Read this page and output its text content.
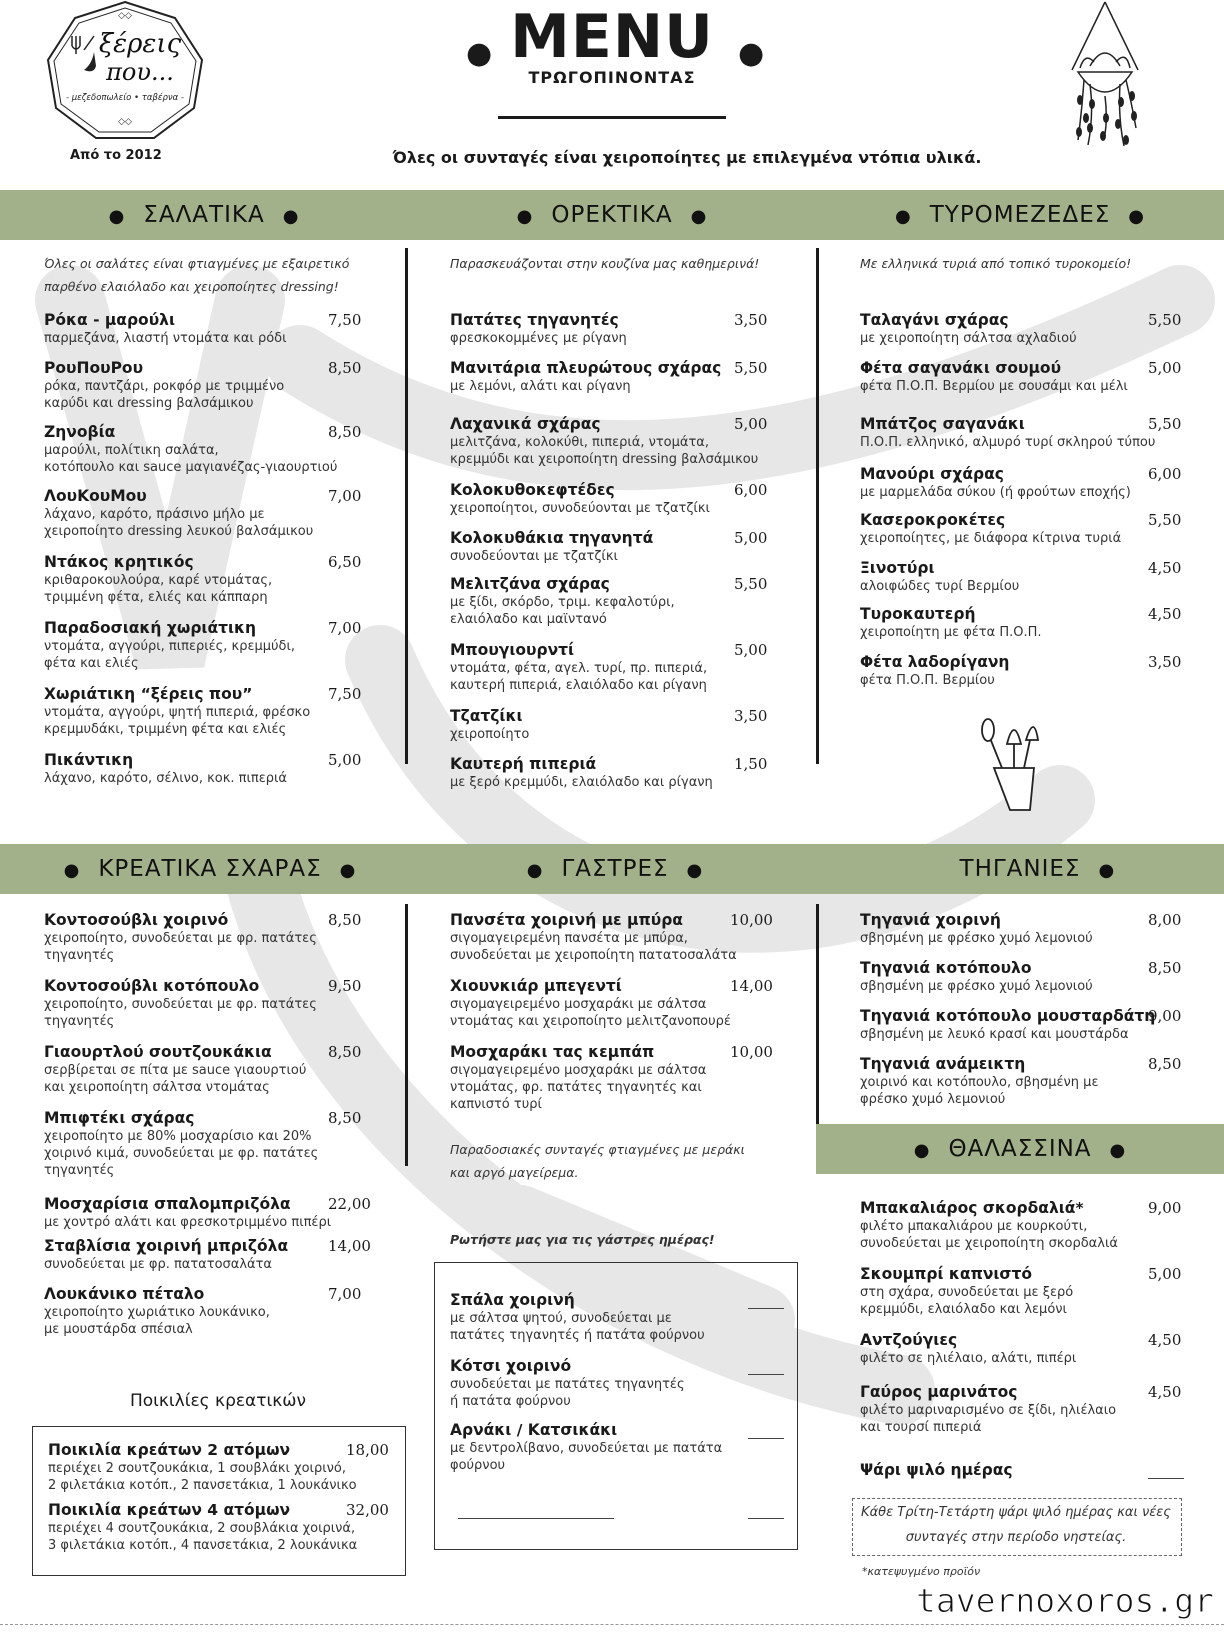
◇◇
ξέρεις
που...
- μεζεδοπωλείο • ταβέρνα -
◇◇
Από το 2012
● MENU ●
ΤΡΩΓΟΠΙΝΟΝΤΑΣ
Όλες οι συνταγές είναι χειροποίητες με επιλεγμένα ντόπια υλικά.
● ΣΑΛΑΤΙΚΑ ●	● ΟΡΕΚΤΙΚΑ ●	● ΤΥΡΟΜΕΖΕΔΕΣ ●
Όλες οι σαλάτες είναι φτιαγμένες με εξαιρετικό
παρθένο ελαιόλαδο και χειροποίητες dressing!
Παρασκευάζονται στην κουζίνα μας καθημερινά!	Με ελληνικά τυριά από τοπικό τυροκομείο!
Ρόκα - μαρούλι
παρμεζάνα, λιαστή ντομάτα και ρόδι
7,50
ΡουΠουΡου
ρόκα, παντζάρι, ροκφόρ με τριμμένο
καρύδι και dressing βαλσάμικου
8,50
Ζηνοβία
μαρούλι, πολίτικη σαλάτα,
κοτόπουλο και sauce μαγιανέζας-γιαουρτιού
8,50
ΛουΚουΜου
λάχανο, καρότο, πράσινο μήλο με
χειροποίητο dressing λευκού βαλσάμικου
7,00
Ντάκος κρητικός
κριθαροκουλούρα, καρέ ντομάτας,
τριμμένη φέτα, ελιές και κάππαρη
6,50
Παραδοσιακή χωριάτικη
ντομάτα, αγγούρι, πιπεριές, κρεμμύδι,
φέτα και ελιές
7,00
Χωριάτικη “ξέρεις που”
ντομάτα, αγγούρι, ψητή πιπεριά, φρέσκο
κρεμμυδάκι, τριμμένη φέτα και ελιές
7,50
Πικάντικη
λάχανο, καρότο, σέλινο, κοκ. πιπεριά
5,00
Πατάτες τηγανητές
φρεσκοκομμένες με ρίγανη
3,50
Μανιτάρια πλευρώτους σχάρας
με λεμόνι, αλάτι και ρίγανη
5,50
Λαχανικά σχάρας
μελιτζάνα, κολοκύθι, πιπεριά, ντομάτα,
κρεμμύδι και χειροποίητη dressing βαλσάμικου
5,00
Κολοκυθοκεφτέδες
χειροποίητοι, συνοδεύονται με τζατζίκι
6,00
Κολοκυθάκια τηγανητά
συνοδεύονται με τζατζίκι
5,00
Μελιτζάνα σχάρας
με ξίδι, σκόρδο, τριμ. κεφαλοτύρι,
ελαιόλαδο και μαϊντανό
5,50
Μπουγιουρντί
ντομάτα, φέτα, αγελ. τυρί, πρ. πιπεριά,
καυτερή πιπεριά, ελαιόλαδο και ρίγανη
5,00
Τζατζίκι
χειροποίητο
3,50
Καυτερή πιπεριά
με ξερό κρεμμύδι, ελαιόλαδο και ρίγανη
1,50
Ταλαγάνι σχάρας
με χειροποίητη σάλτσα αχλαδιού
5,50
Φέτα σαγανάκι σουμού
φέτα Π.Ο.Π. Βερμίου με σουσάμι και μέλι
5,00
Μπάτζος σαγανάκι
Π.Ο.Π. ελληνικό, αλμυρό τυρί σκληρού τύπου
5,50
Μανούρι σχάρας
με μαρμελάδα σύκου (ή φρούτων εποχής)
6,00
Κασεροκροκέτες
χειροποίητες, με διάφορα κίτρινα τυριά
5,50
Ξινοτύρι
αλοιφώδες τυρί Βερμίου
4,50
Τυροκαυτερή
χειροποίητη με φέτα Π.Ο.Π.
4,50
Φέτα λαδορίγανη
φέτα Π.Ο.Π. Βερμίου
3,50
● ΚΡΕΑΤΙΚΑ ΣΧΑΡΑΣ ●	● ΓΑΣΤΡΕΣ ●	ΤΗΓΑΝΙΕΣ ●
Κοντοσούβλι χοιρινό
χειροποίητο, συνοδεύεται με φρ. πατάτες
τηγανητές
8,50
Κοντοσούβλι κοτόπουλο
χειροποίητο, συνοδεύεται με φρ. πατάτες
τηγανητές
9,50
Γιαουρτλού σουτζουκάκια
σερβίρεται σε πίτα με sauce γιαουρτιού
και χειροποίητη σάλτσα ντομάτας
8,50
Μπιφτέκι σχάρας
χειροποίητο με 80% μοσχαρίσιο και 20%
χοιρινό κιμά, συνοδεύεται με φρ. πατάτες
τηγανητές
8,50
Μοσχαρίσια σπαλομπριζόλα
με χοντρό αλάτι και φρεσκοτριμμένο πιπέρι
22,00
Σταβλίσια χοιρινή μπριζόλα
συνοδεύεται με φρ. πατατοσαλάτα
14,00
Λουκάνικο πέταλο
χειροποίητο χωριάτικο λουκάνικο,
με μουστάρδα σπέσιαλ
7,00
Ποικιλίες κρεατικών
Ποικιλία κρεάτων 2 ατόμων
περιέχει 2 σουτζουκάκια, 1 σουβλάκι χοιρινό,
2 φιλετάκια κοτόπ., 2 πανσετάκια, 1 λουκάνικο
18,00
Ποικιλία κρεάτων 4 ατόμων
περιέχει 4 σουτζουκάκια, 2 σουβλάκια χοιρινά,
3 φιλετάκια κοτόπ., 4 πανσετάκια, 2 λουκάνικα
32,00
Πανσέτα χοιρινή με μπύρα
σιγομαγειρεμένη πανσέτα με μπύρα,
συνοδεύεται με χειροποίητη πατατοσαλάτα
10,00
Χιουνκιάρ μπεγεντί
σιγομαγειρεμένο μοσχαράκι με σάλτσα
ντομάτας και χειροποίητο μελιτζανοπουρέ
14,00
Μοσχαράκι τας κεμπάπ
σιγομαγειρεμένο μοσχαράκι με σάλτσα
ντομάτας, φρ. πατάτες τηγανητές και
καπνιστό τυρί
10,00
Παραδοσιακές συνταγές φτιαγμένες με μεράκι
και αργό μαγείρεμα.
Ρωτήστε μας για τις γάστρες ημέρας!
Σπάλα χοιρινή
με σάλτσα ψητού, συνοδεύεται με
πατάτες τηγανητές ή πατάτα φούρνου
Κότσι χοιρινό
συνοδεύεται με πατάτες τηγανητές
ή πατάτα φούρνου
Αρνάκι / Κατσικάκι
με δεντρολίβανο, συνοδεύεται με πατάτα
φούρνου
Τηγανιά χοιρινή
σβησμένη με φρέσκο χυμό λεμονιού
8,00
Τηγανιά κοτόπουλο
σβησμένη με φρέσκο χυμό λεμονιού
8,50
Τηγανιά κοτόπουλο μουσταρδάτη
σβησμένη με λευκό κρασί και μουστάρδα
9,00
Τηγανιά ανάμεικτη
χοιρινό και κοτόπουλο, σβησμένη με
φρέσκο χυμό λεμονιού
8,50
● ΘΑΛΑΣΣΙΝΑ ●
Μπακαλιάρος σκορδαλιά*
φιλέτο μπακαλιάρου με κουρκούτι,
συνοδεύεται με χειροποίητη σκορδαλιά
9,00
Σκουμπρί καπνιστό
στη σχάρα, συνοδεύεται με ξερό
κρεμμύδι, ελαιόλαδο και λεμόνι
5,00
Αντζούγιες
φιλέτο σε ηλιέλαιο, αλάτι, πιπέρι
4,50
Γαύρος μαρινάτος
φιλέτο μαριναρισμένο σε ξίδι, ηλιέλαιο
και τουρσί πιπεριά
4,50
Ψάρι ψιλό ημέρας
Κάθε Τρίτη-Τετάρτη ψάρι ψιλό ημέρας και νέες
συνταγές στην περίοδο νηστείας.
*κατεψυγμένο προϊόν
tavernoxoros.gr
